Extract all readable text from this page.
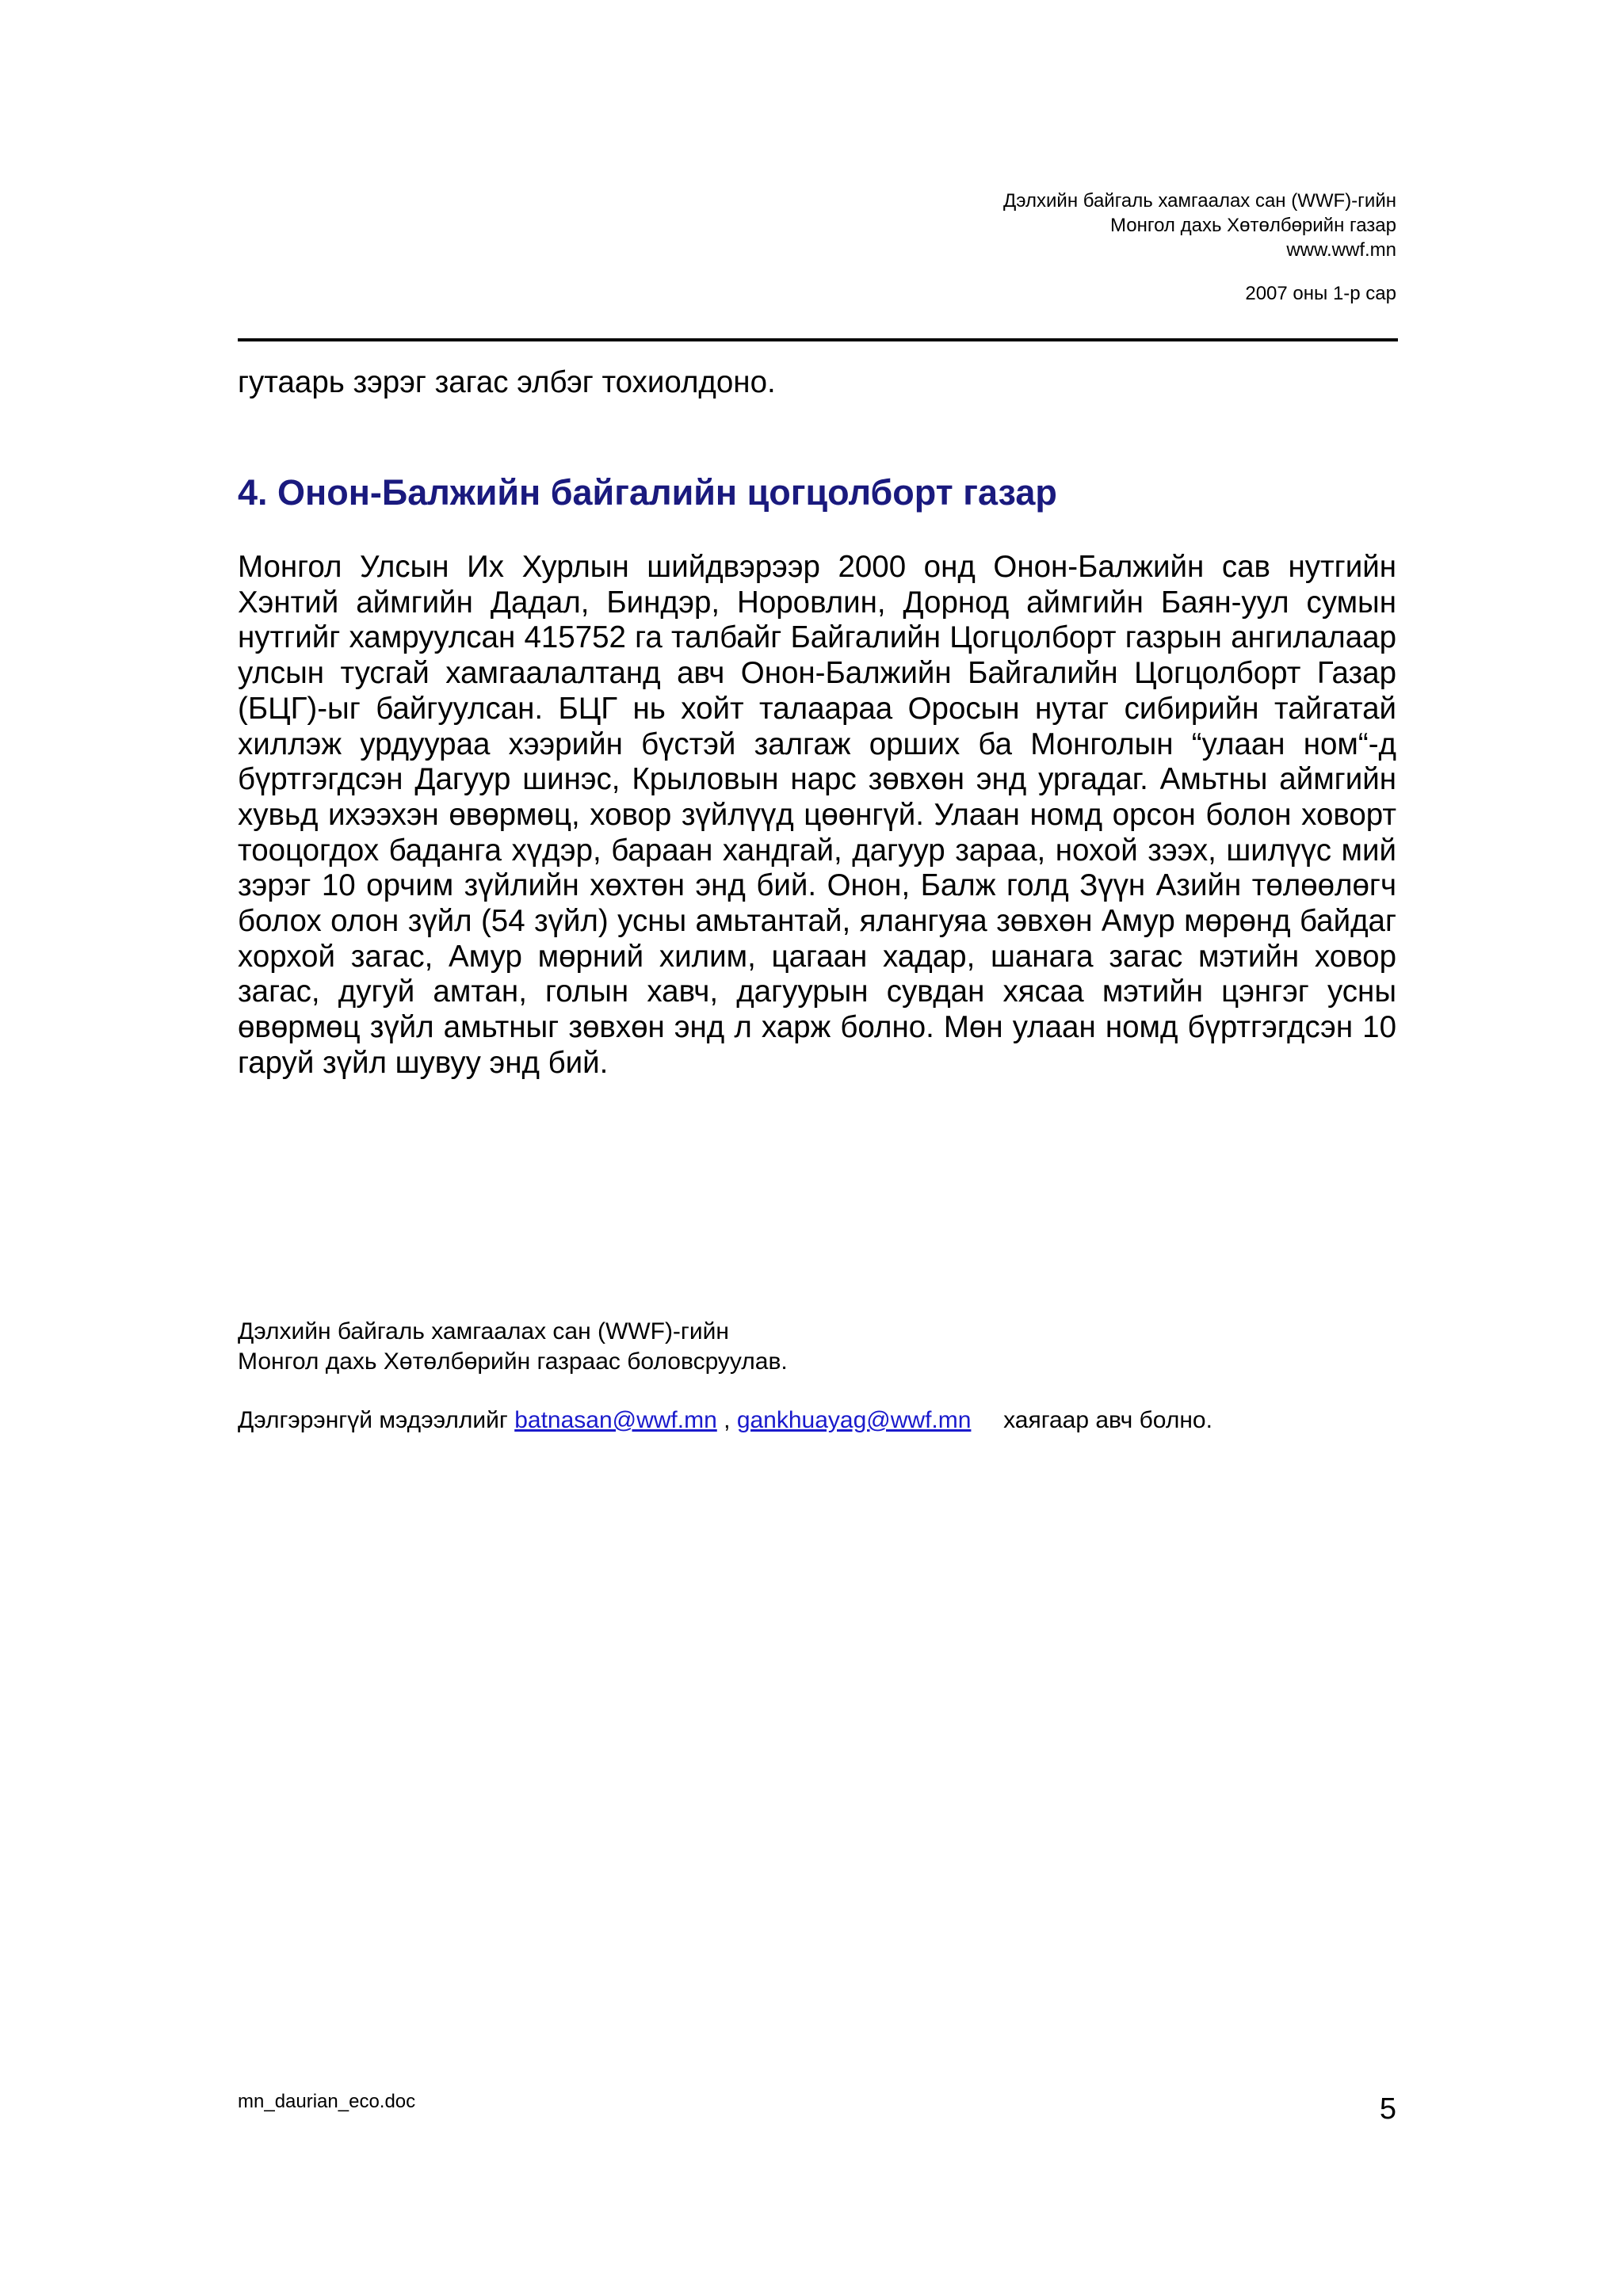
Дэлхийн байгаль хамгаалах сан (WWF)-гийн
Монгол дахь Хөтөлбөрийн газар
www.wwf.mn
2007 оны 1-р сар
гутаарь зэрэг загас элбэг тохиолдоно.
4. Онон-Балжийн байгалийн цогцолборт газар
Монгол Улсын Их Хурлын шийдвэрээр 2000 онд Онон-Балжийн сав нутгийн Хэнтий аймгийн Дадал, Биндэр, Норовлин, Дорнод аймгийн Баян-уул сумын нутгийг хамруулсан 415752 га талбайг Байгалийн Цогцолборт газрын ангилалаар улсын тусгай хамгаалалтанд авч Онон-Балжийн Байгалийн Цогцолборт Газар (БЦГ)-ыг байгуулсан. БЦГ нь хойт талаараа Оросын нутаг сибирийн тайгатай хиллэж урдуураа хээрийн бүстэй залгаж орших ба Монголын “улаан ном“-д бүртгэгдсэн Дагуур шинэс, Крыловын нарс зөвхөн энд ургадаг. Амьтны аймгийн хувьд ихээхэн өвөрмөц, ховор зүйлүүд цөөнгүй. Улаан номд орсон болон ховорт тооцогдох баданга хүдэр, бараан хандгай, дагуур зараа, нохой зээх, шилүүс мий зэрэг 10 орчим зүйлийн хөхтөн энд бий. Онон, Балж голд Зүүн Азийн төлөөлөгч болох олон зүйл (54 зүйл) усны амьтантай, ялангуяа зөвхөн Амур мөрөнд байдаг хорхой загас, Амур мөрний хилим, цагаан хадар, шанага загас мэтийн ховор загас, дугуй амтан, голын хавч, дагуурын сувдан хясаа мэтийн цэнгэг усны өвөрмөц зүйл амьтныг зөвхөн энд л харж болно. Мөн улаан номд бүртгэгдсэн 10 гаруй зүйл шувуу энд бий.
Дэлхийн байгаль хамгаалах сан (WWF)-гийн
Монгол дахь Хөтөлбөрийн газраас боловсруулав.
Дэлгэрэнгүй мэдээллийг batnasan@wwf.mn , gankhuayag@wwf.mn хаягаар авч болно.
mn_daurian_eco.doc	5
